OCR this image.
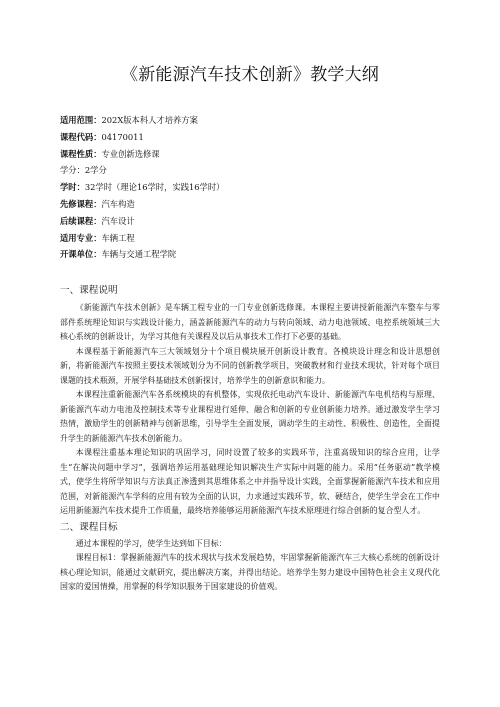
《新能源汽车技术创新》教学大纲
适用范围：202X版本科人才培养方案
课程代码：04170011
课程性质：专业创新选修课
学分：2学分
学时：32学时（理论16学时，实践16学时）
先修课程：汽车构造
后续课程：汽车设计
适用专业：车辆工程
开课单位：车辆与交通工程学院
一、课程说明

《新能源汽车技术创新》是车辆工程专业的一门专业创新选修课。本课程主要讲授新能源汽车整车与零部件系统理论知识与实践设计能力，涵盖新能源汽车的动力与转向领域、动力电池领域、电控系统领域三大核心系统的创新设计，为学习其他有关课程及以后从事技术工作打下必要的基础。

本课程基于新能源汽车三大领域划分十个项目模块展开创新设计教育。各模块设计理念和设计思想创新，将新能源汽车按照主要技术领域划分为不同的创新教学项目，突破教材和行业技术现状，针对每个项目课题的技术瓶颈，开展学科基础技术创新探讨，培养学生的创新意识和能力。

本课程注重新能源汽车各系统模块的有机整体，实现依托电动汽车设计、新能源汽车电机结构与原理、新能源汽车动力电池及控制技术等专业课程进行延伸、融合和创新的专业创新能力培养。通过激发学生学习热情，激励学生的创新精神与创新思维，引导学生全面发展，调动学生的主动性、积极性、创造性，全面提升学生的新能源汽车技术创新能力。

本课程注重基本理论知识的巩固学习，同时设置了较多的实践环节，注重高级知识的综合应用，让学生“在解决问题中学习”，强调培养运用基础理论知识解决生产实际中问题的能力。采用“任务驱动”教学模式，使学生将所学知识与方法真正渗透到其思维体系之中并指导设计实践，全面掌握新能源汽车技术和应用范围，对新能源汽车学科的应用有较为全面的认识，力求通过实践环节，软、硬结合，使学生学会在工作中运用新能源汽车技术提升工作质量，最终培养能够运用新能源汽车技术原理进行综合创新的复合型人才。

二、课程目标

通过本课程的学习，使学生达到如下目标：

课程目标1：掌握新能源汽车的技术现状与技术发展趋势，牢固掌握新能源汽车三大核心系统的创新设计核心理论知识，能通过文献研究，提出解决方案，并得出结论。培养学生努力建设中国特色社会主义现代化国家的爱国情操，用掌握的科学知识服务于国家建设的价值观。
